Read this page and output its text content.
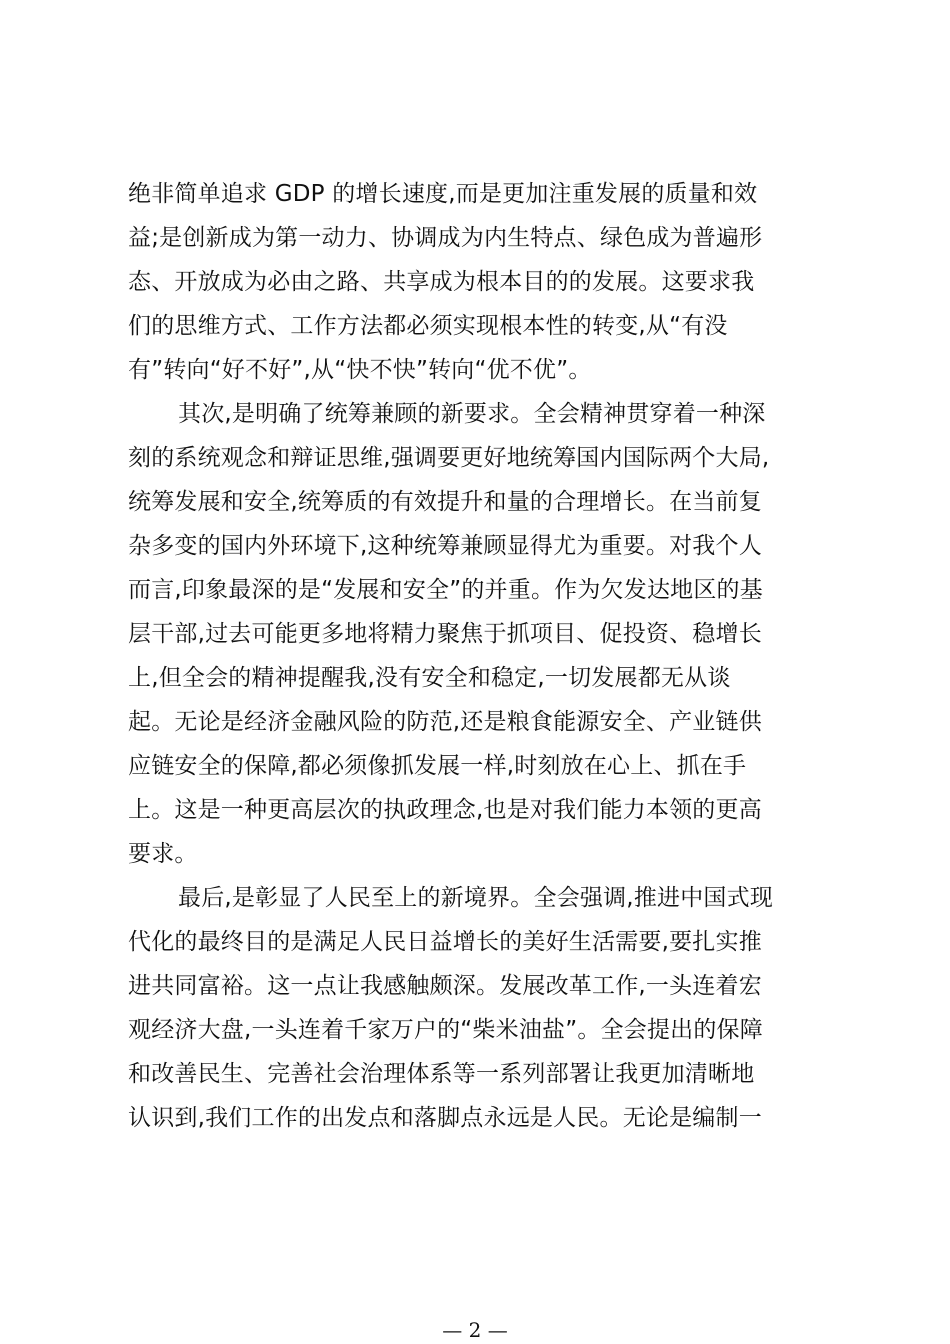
绝非简单追求 GDP 的增长速度,而是更加注重发展的质量和效
益;是创新成为第一动力、协调成为内生特点、绿色成为普遍形
态、开放成为必由之路、共享成为根本目的的发展。这要求我
们的思维方式、工作方法都必须实现根本性的转变,从“有没
有”转向“好不好”,从“快不快”转向“优不优”。
其次,是明确了统筹兼顾的新要求。全会精神贯穿着一种深
刻的系统观念和辩证思维,强调要更好地统筹国内国际两个大局,
统筹发展和安全,统筹质的有效提升和量的合理增长。在当前复
杂多变的国内外环境下,这种统筹兼顾显得尤为重要。对我个人
而言,印象最深的是“发展和安全”的并重。作为欠发达地区的基
层干部,过去可能更多地将精力聚焦于抓项目、促投资、稳增长
上,但全会的精神提醒我,没有安全和稳定,一切发展都无从谈
起。无论是经济金融风险的防范,还是粮食能源安全、产业链供
应链安全的保障,都必须像抓发展一样,时刻放在心上、抓在手
上。这是一种更高层次的执政理念,也是对我们能力本领的更高
要求。
最后,是彰显了人民至上的新境界。全会强调,推进中国式现
代化的最终目的是满足人民日益增长的美好生活需要,要扎实推
进共同富裕。这一点让我感触颇深。发展改革工作,一头连着宏
观经济大盘,一头连着千家万户的“柴米油盐”。全会提出的保障
和改善民生、完善社会治理体系等一系列部署让我更加清晰地
认识到,我们工作的出发点和落脚点永远是人民。无论是编制一
— 2 —
